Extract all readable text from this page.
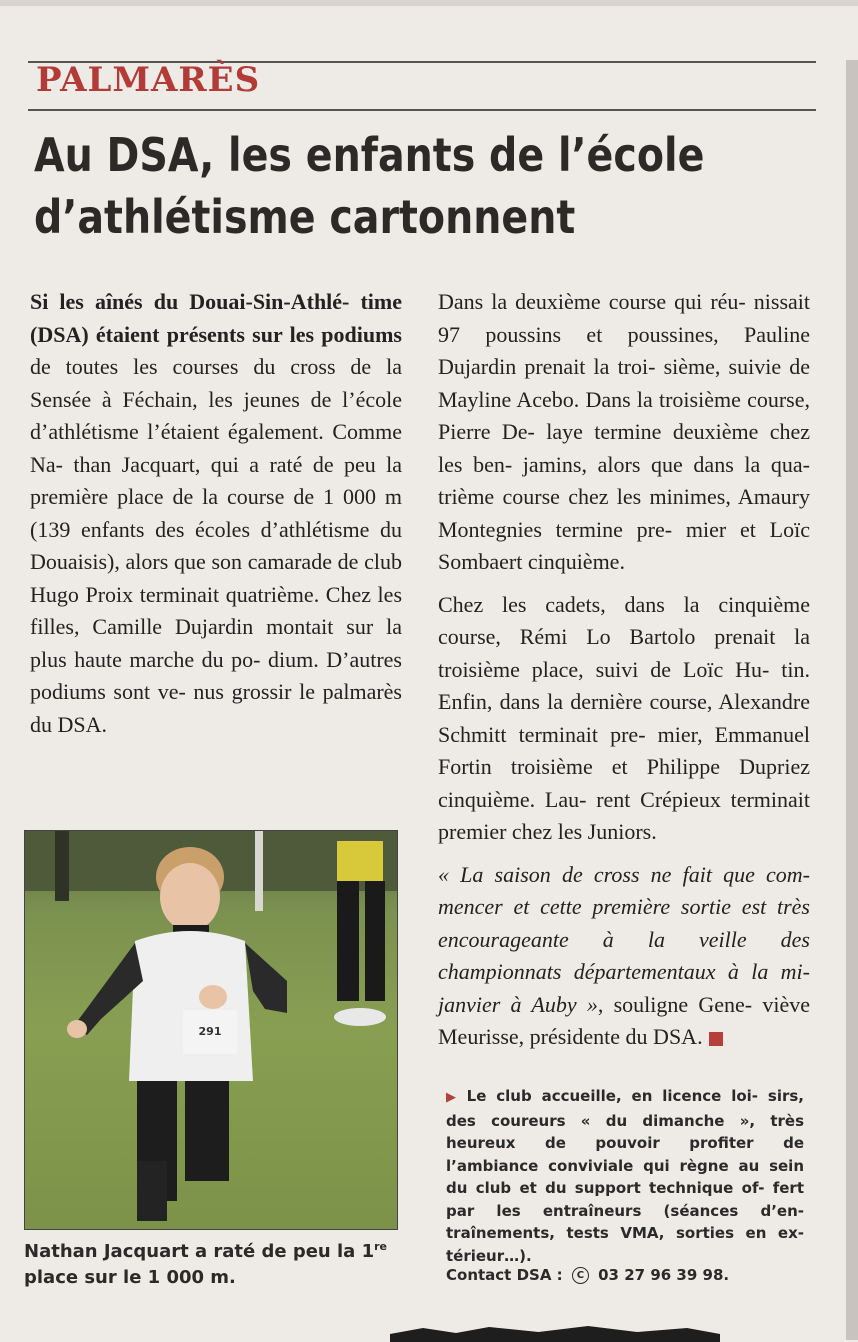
PALMARÈS
Au DSA, les enfants de l’école
d’athlétisme cartonnent

Si les aînés du Douai-Sin-Athlé- time (DSA) étaient présents sur les podiums de toutes les courses du cross de la Sensée à Féchain, les jeunes de l’école d’athlétisme l’étaient également. Comme Na- than Jacquart, qui a raté de peu la première place de la course de 1 000 m (139 enfants des écoles d’athlétisme du Douaisis), alors que son camarade de club Hugo Proix terminait quatrième. Chez les filles, Camille Dujardin montait sur la plus haute marche du po- dium. D’autres podiums sont ve- nus grossir le palmarès du DSA.

291
Nathan Jacquart a raté de peu la 1re place sur le 1 000 m.

Dans la deuxième course qui réu- nissait 97 poussins et poussines, Pauline Dujardin prenait la troi- sième, suivie de Mayline Acebo. Dans la troisième course, Pierre De- laye termine deuxième chez les ben- jamins, alors que dans la qua- trième course chez les minimes, Amaury Montegnies termine pre- mier et Loïc Sombaert cinquième.

Chez les cadets, dans la cinquième course, Rémi Lo Bartolo prenait la troisième place, suivi de Loïc Hu- tin. Enfin, dans la dernière course, Alexandre Schmitt terminait pre- mier, Emmanuel Fortin troisième et Philippe Dupriez cinquième. Lau- rent Crépieux terminait premier chez les Juniors.

« La saison de cross ne fait que com- mencer et cette première sortie est très encourageante à la veille des championnats départementaux à la mi-janvier à Auby », souligne Gene- viève Meurisse, présidente du DSA.

▶ Le club accueille, en licence loi- sirs, des coureurs « du dimanche », très heureux de pouvoir profiter de l’ambiance conviviale qui règne au sein du club et du support technique of- fert par les entraîneurs (séances d’en- traînements, tests VMA, sorties en ex- térieur…).
Contact DSA : C 03 27 96 39 98.
